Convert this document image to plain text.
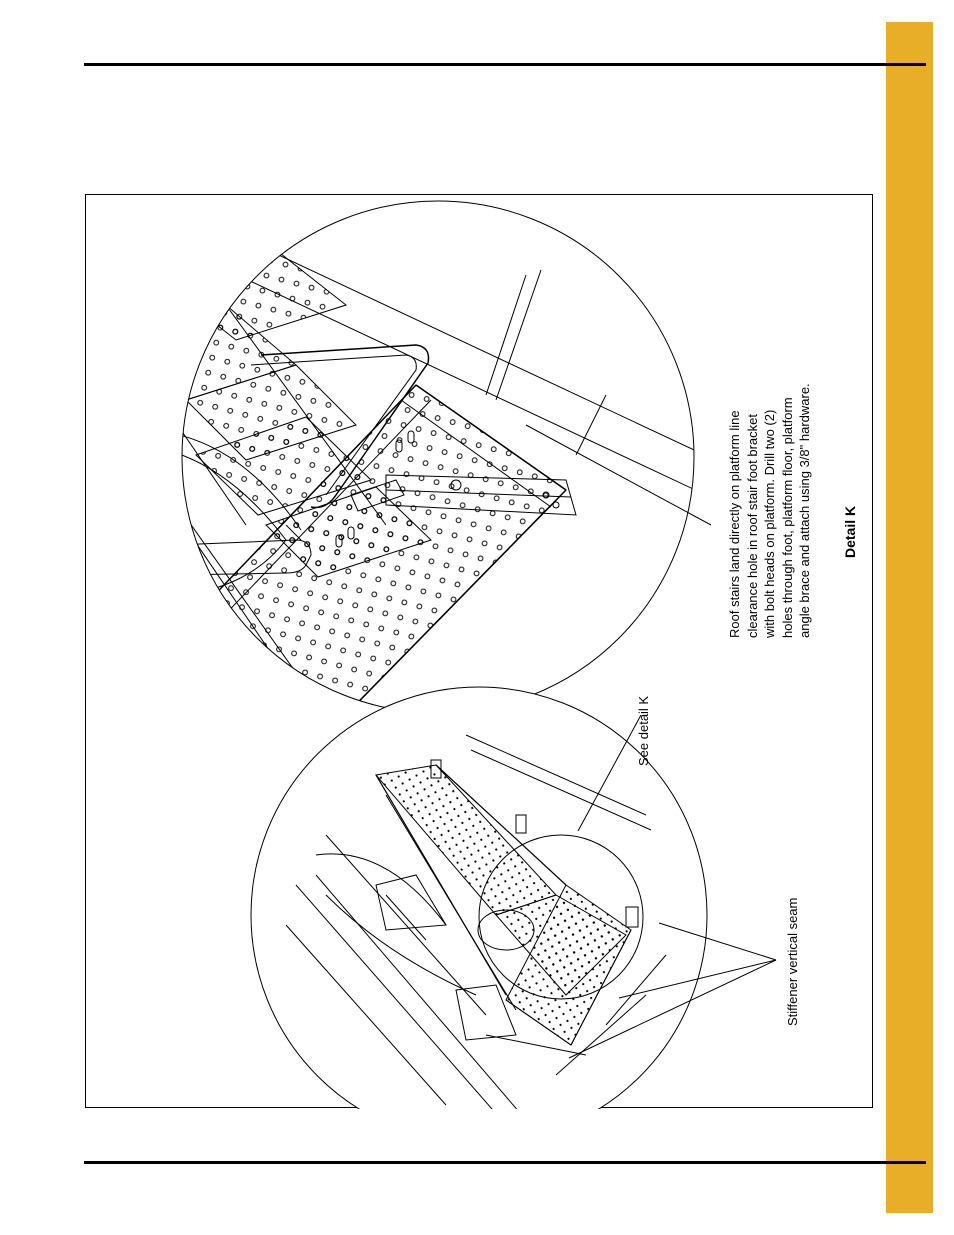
Stiffener vertical seam
See detail K
Detail K
Roof stairs land directly on platform line clearance hole in roof stair foot bracket with bolt heads on platform. Drill two (2) holes through foot, platform floor, platform angle brace and attach using 3/8" hardware.
